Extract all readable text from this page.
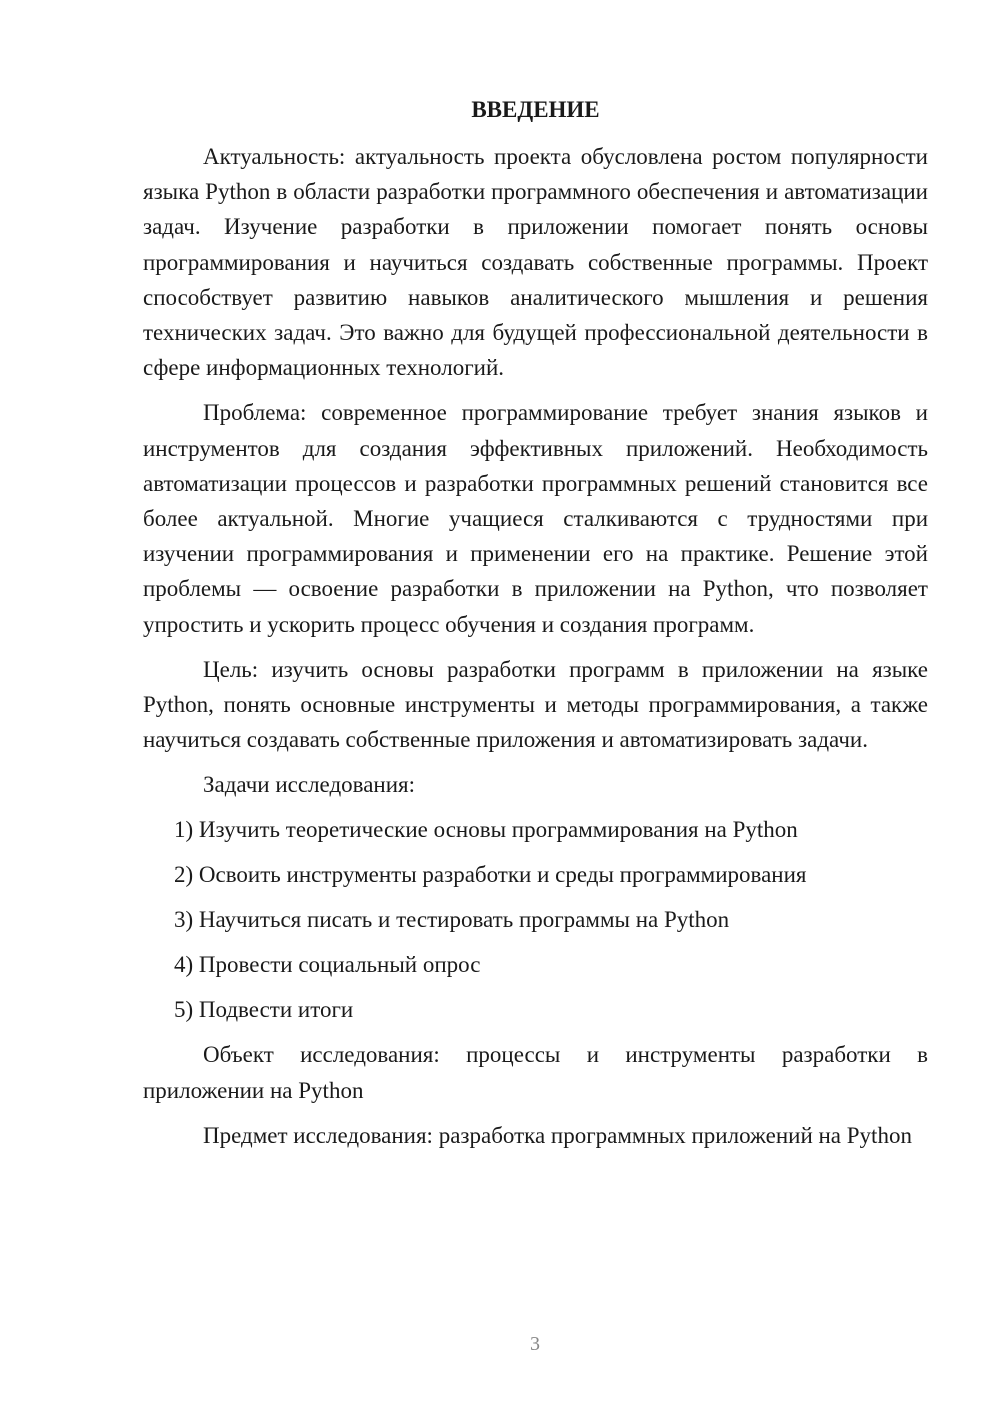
ВВЕДЕНИЕ

Актуальность: актуальность проекта обусловлена ростом популярности языка Python в области разработки программного обеспечения и автоматизации задач. Изучение разработки в приложении помогает понять основы программирования и научиться создавать собственные программы. Проект способствует развитию навыков аналитического мышления и решения технических задач. Это важно для будущей профессиональной деятельности в сфере информационных технологий.

Проблема: современное программирование требует знания языков и инструментов для создания эффективных приложений. Необходимость автоматизации процессов и разработки программных решений становится все более актуальной. Многие учащиеся сталкиваются с трудностями при изучении программирования и применении его на практике. Решение этой проблемы — освоение разработки в приложении на Python, что позволяет упростить и ускорить процесс обучения и создания программ.

Цель: изучить основы разработки программ в приложении на языке Python, понять основные инструменты и методы программирования, а также научиться создавать собственные приложения и автоматизировать задачи.

Задачи исследования:

1) Изучить теоретические основы программирования на Python

2) Освоить инструменты разработки и среды программирования

3) Научиться писать и тестировать программы на Python

4) Провести социальный опрос

5) Подвести итоги

Объект исследования: процессы и инструменты разработки в приложении на Python

Предмет исследования: разработка программных приложений на Python

3
